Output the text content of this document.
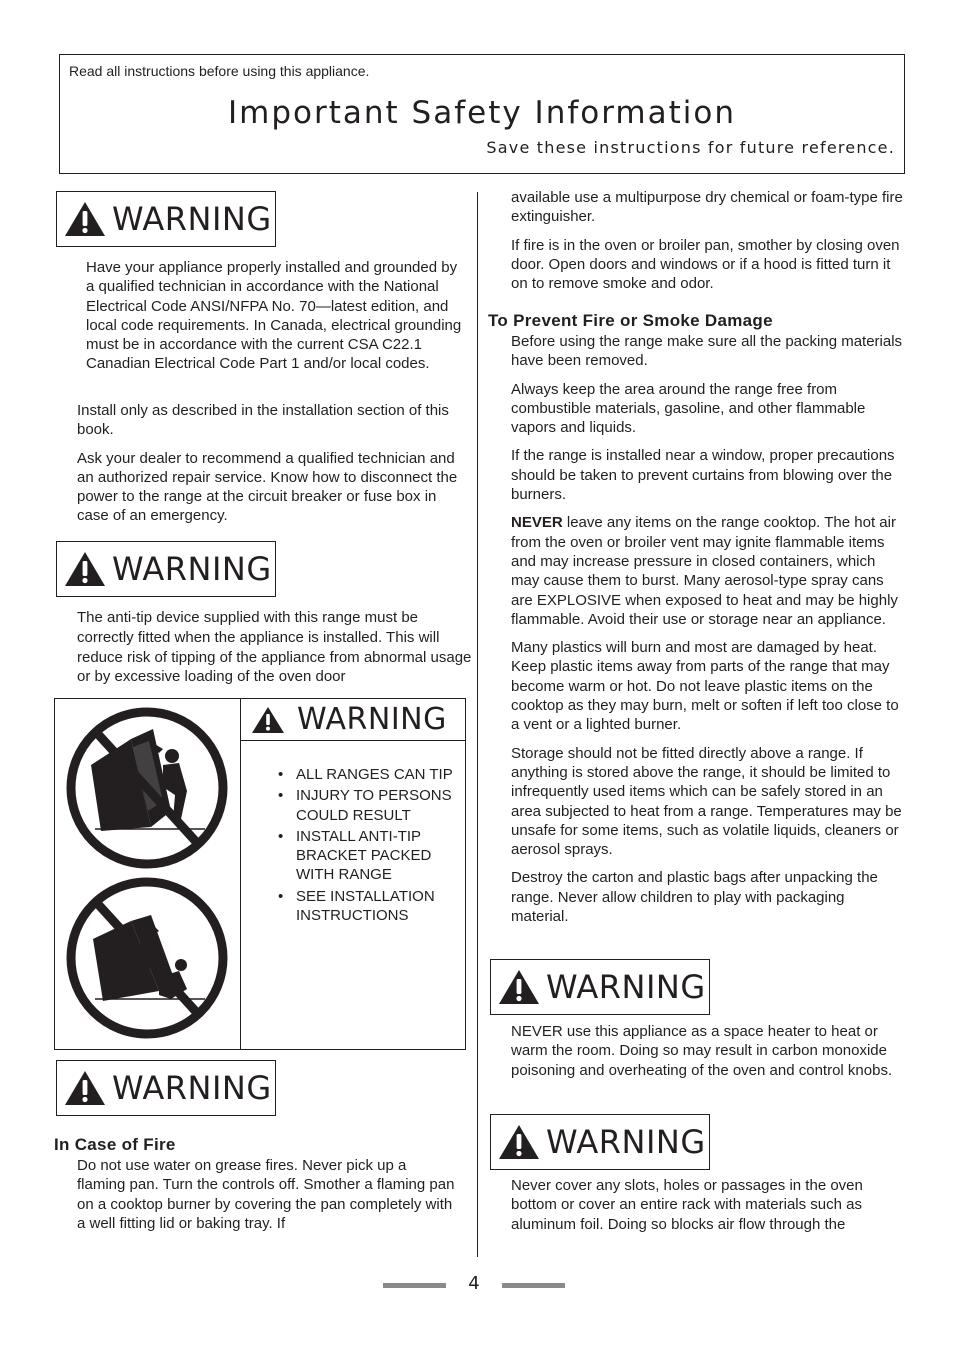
Read all instructions before using this appliance.
Important Safety Information
Save these instructions for future reference.
WARNING

Have your appliance properly installed and grounded by a qualified technician in accordance with the National Electrical Code ANSI/NFPA No. 70—latest edition, and local code requirements. In Canada, electrical grounding must be in accordance with the current CSA C22.1 Canadian Electrical Code Part 1 and/or local codes.

Install only as described in the installation section of this book.

Ask your dealer to recommend a qualified technician and an authorized repair service. Know how to disconnect the power to the range at the circuit breaker or fuse box in case of an emergency.

WARNING

The anti-tip device supplied with this range must be correctly fitted when the appliance is installed. This will reduce risk of tipping of the appliance from abnormal usage or by excessive loading of the oven door

WARNING
• ALL RANGES CAN TIP
• INJURY TO PERSONS COULD RESULT
• INSTALL ANTI-TIP BRACKET PACKED WITH RANGE
• SEE INSTALLATION INSTRUCTIONS
WARNING
In Case of Fire

Do not use water on grease fires. Never pick up a flaming pan. Turn the controls off. Smother a flaming pan on a cooktop burner by covering the pan completely with a well fitting lid or baking tray. If

available use a multipurpose dry chemical or foam-type fire extinguisher.

If fire is in the oven or broiler pan, smother by closing oven door. Open doors and windows or if a hood is fitted turn it on to remove smoke and odor.

To Prevent Fire or Smoke Damage

Before using the range make sure all the packing materials have been removed.

Always keep the area around the range free from combustible materials, gasoline, and other flammable vapors and liquids.

If the range is installed near a window, proper precautions should be taken to prevent curtains from blowing over the burners.

NEVER leave any items on the range cooktop. The hot air from the oven or broiler vent may ignite flammable items and may increase pressure in closed containers, which may cause them to burst. Many aerosol-type spray cans are EXPLOSIVE when exposed to heat and may be highly flammable. Avoid their use or storage near an appliance.

Many plastics will burn and most are damaged by heat. Keep plastic items away from parts of the range that may become warm or hot. Do not leave plastic items on the cooktop as they may burn, melt or soften if left too close to a vent or a lighted burner.

Storage should not be fitted directly above a range. If anything is stored above the range, it should be limited to infrequently used items which can be safely stored in an area subjected to heat from a range. Temperatures may be unsafe for some items, such as volatile liquids, cleaners or aerosol sprays.

Destroy the carton and plastic bags after unpacking the range. Never allow children to play with packaging material.

WARNING

NEVER use this appliance as a space heater to heat or warm the room. Doing so may result in carbon monoxide poisoning and overheating of the oven and control knobs.

WARNING

Never cover any slots, holes or passages in the oven bottom or cover an entire rack with materials such as aluminum foil. Doing so blocks air flow through the

4
